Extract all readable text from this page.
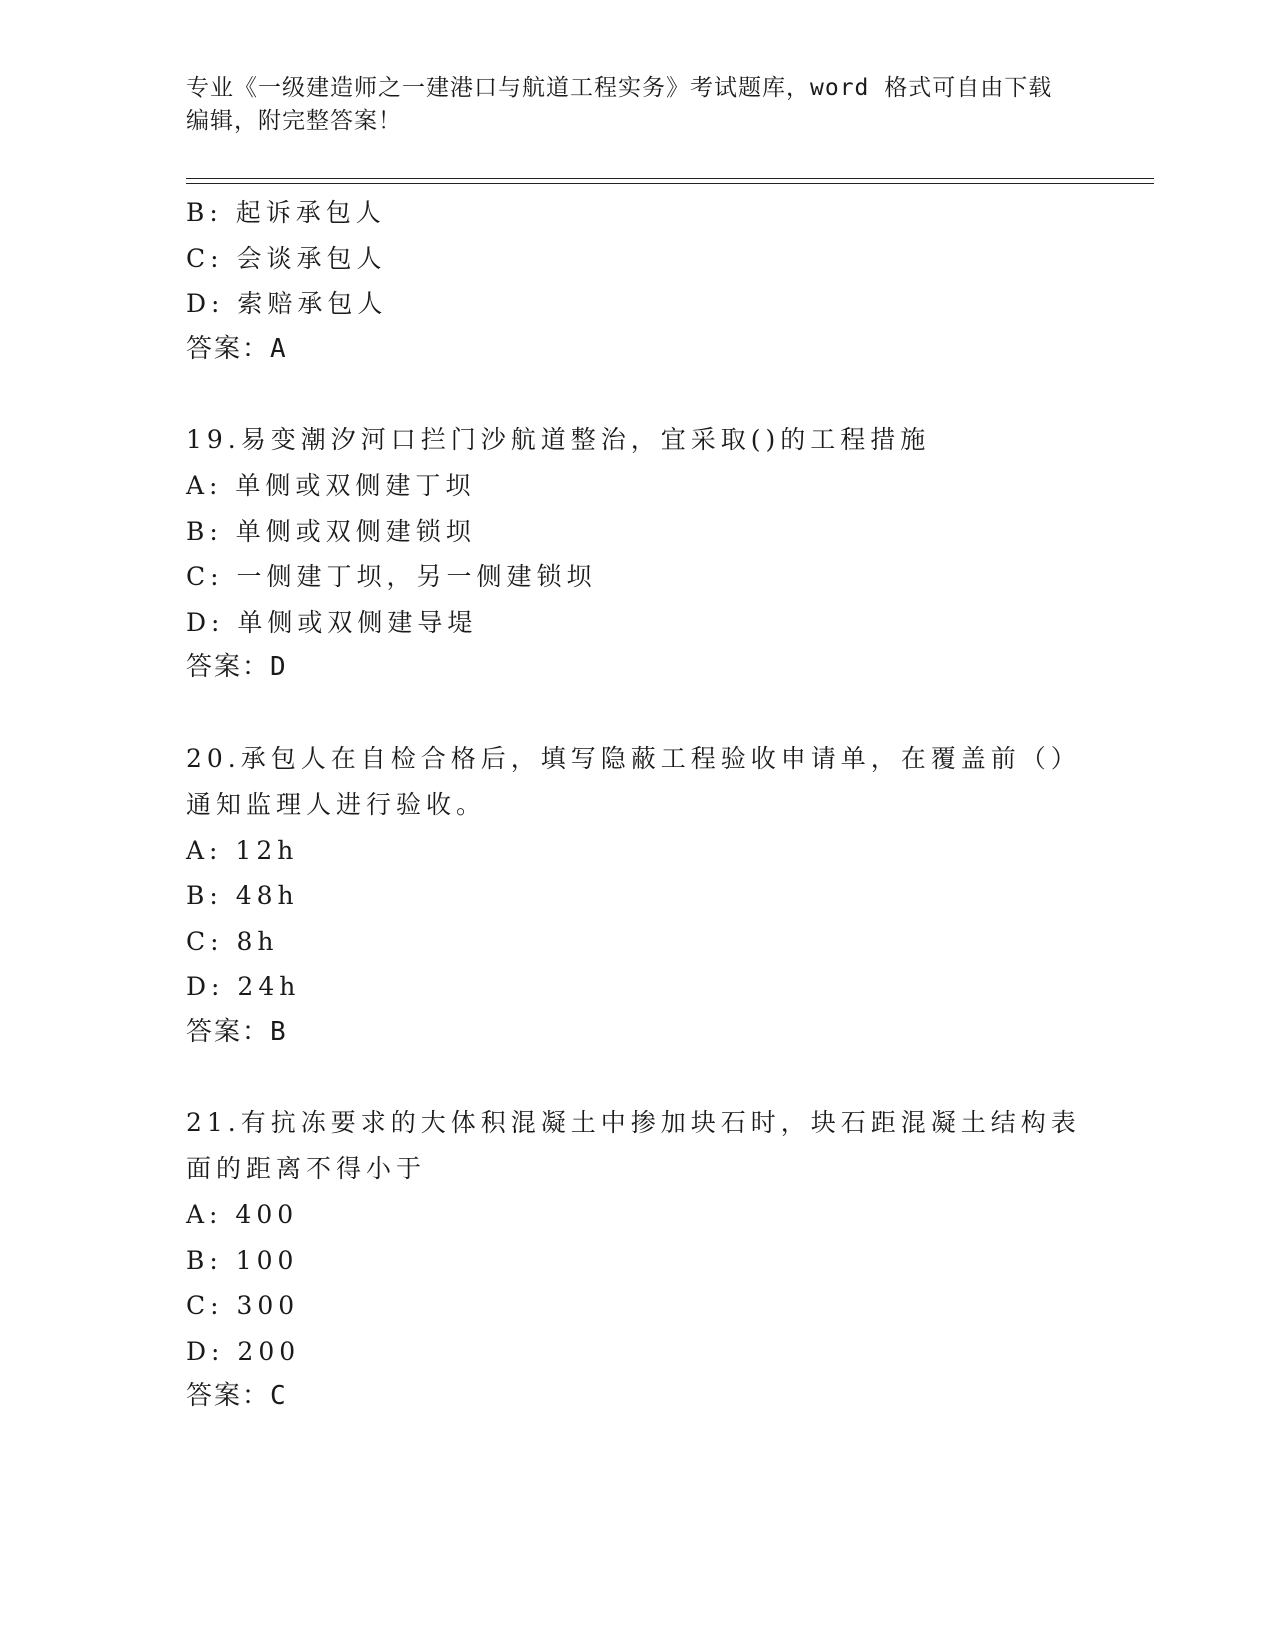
专业《一级建造师之一建港口与航道工程实务》考试题库，word 格式可自由下载
编辑，附完整答案！
B: 起诉承包人
C: 会谈承包人
D: 索赔承包人
答案：A
19.易变潮汐河口拦门沙航道整治，宜采取()的工程措施
A: 单侧或双侧建丁坝
B: 单侧或双侧建锁坝
C: 一侧建丁坝，另一侧建锁坝
D: 单侧或双侧建导堤
答案：D
20.承包人在自检合格后，填写隐蔽工程验收申请单，在覆盖前（）通知监理人进行验收。
A: 12h
B: 48h
C: 8h
D: 24h
答案：B
21.有抗冻要求的大体积混凝土中掺加块石时，块石距混凝土结构表面的距离不得小于
A: 400
B: 100
C: 300
D: 200
答案：C
